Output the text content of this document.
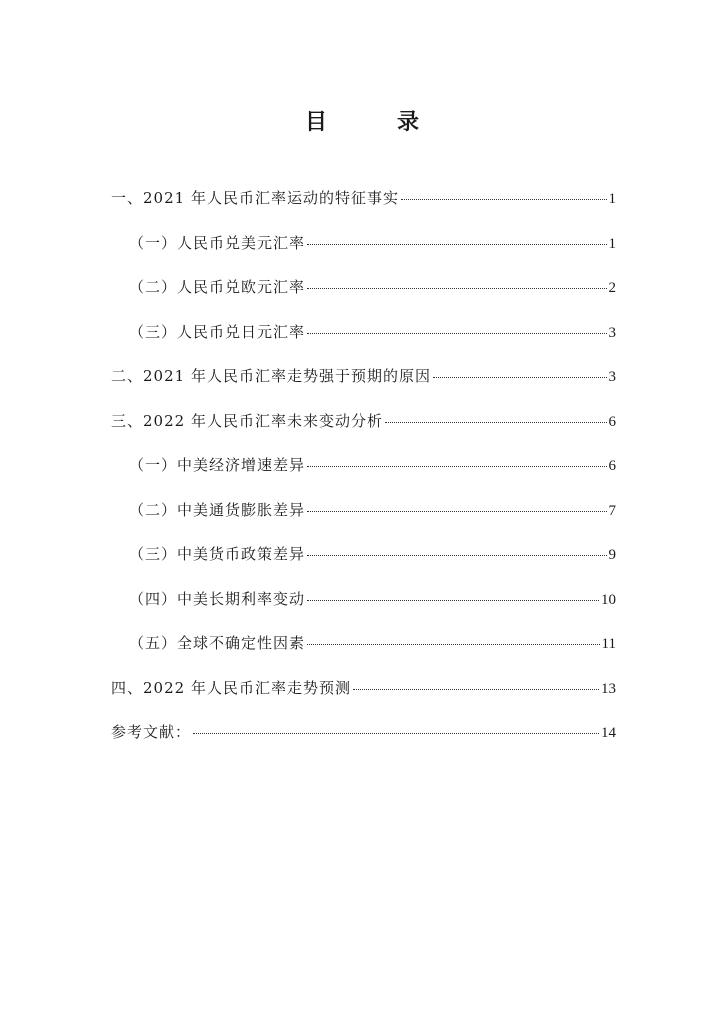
目　录
一、2021 年人民币汇率运动的特征事实	1
（一）人民币兑美元汇率	1
（二）人民币兑欧元汇率	2
（三）人民币兑日元汇率	3
二、2021 年人民币汇率走势强于预期的原因	3
三、2022 年人民币汇率未来变动分析	6
（一）中美经济增速差异	6
（二）中美通货膨胀差异	7
（三）中美货币政策差异	9
（四）中美长期利率变动	10
（五）全球不确定性因素	11
四、2022 年人民币汇率走势预测	13
参考文献：	14
